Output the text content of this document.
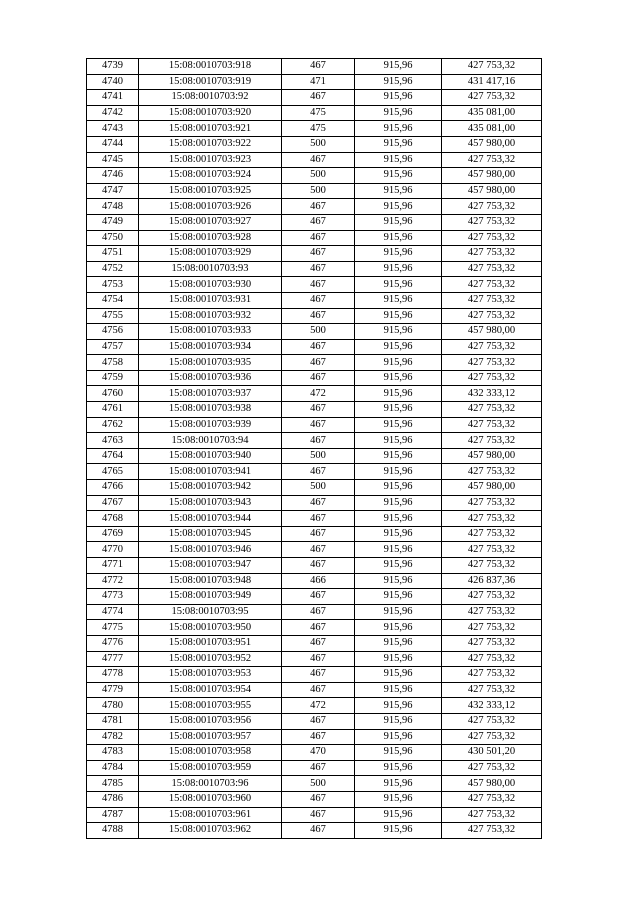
4739	15:08:0010703:918	467	915,96	427 753,32
4740	15:08:0010703:919	471	915,96	431 417,16
4741	15:08:0010703:92	467	915,96	427 753,32
4742	15:08:0010703:920	475	915,96	435 081,00
4743	15:08:0010703:921	475	915,96	435 081,00
4744	15:08:0010703:922	500	915,96	457 980,00
4745	15:08:0010703:923	467	915,96	427 753,32
4746	15:08:0010703:924	500	915,96	457 980,00
4747	15:08:0010703:925	500	915,96	457 980,00
4748	15:08:0010703:926	467	915,96	427 753,32
4749	15:08:0010703:927	467	915,96	427 753,32
4750	15:08:0010703:928	467	915,96	427 753,32
4751	15:08:0010703:929	467	915,96	427 753,32
4752	15:08:0010703:93	467	915,96	427 753,32
4753	15:08:0010703:930	467	915,96	427 753,32
4754	15:08:0010703:931	467	915,96	427 753,32
4755	15:08:0010703:932	467	915,96	427 753,32
4756	15:08:0010703:933	500	915,96	457 980,00
4757	15:08:0010703:934	467	915,96	427 753,32
4758	15:08:0010703:935	467	915,96	427 753,32
4759	15:08:0010703:936	467	915,96	427 753,32
4760	15:08:0010703:937	472	915,96	432 333,12
4761	15:08:0010703:938	467	915,96	427 753,32
4762	15:08:0010703:939	467	915,96	427 753,32
4763	15:08:0010703:94	467	915,96	427 753,32
4764	15:08:0010703:940	500	915,96	457 980,00
4765	15:08:0010703:941	467	915,96	427 753,32
4766	15:08:0010703:942	500	915,96	457 980,00
4767	15:08:0010703:943	467	915,96	427 753,32
4768	15:08:0010703:944	467	915,96	427 753,32
4769	15:08:0010703:945	467	915,96	427 753,32
4770	15:08:0010703:946	467	915,96	427 753,32
4771	15:08:0010703:947	467	915,96	427 753,32
4772	15:08:0010703:948	466	915,96	426 837,36
4773	15:08:0010703:949	467	915,96	427 753,32
4774	15:08:0010703:95	467	915,96	427 753,32
4775	15:08:0010703:950	467	915,96	427 753,32
4776	15:08:0010703:951	467	915,96	427 753,32
4777	15:08:0010703:952	467	915,96	427 753,32
4778	15:08:0010703:953	467	915,96	427 753,32
4779	15:08:0010703:954	467	915,96	427 753,32
4780	15:08:0010703:955	472	915,96	432 333,12
4781	15:08:0010703:956	467	915,96	427 753,32
4782	15:08:0010703:957	467	915,96	427 753,32
4783	15:08:0010703:958	470	915,96	430 501,20
4784	15:08:0010703:959	467	915,96	427 753,32
4785	15:08:0010703:96	500	915,96	457 980,00
4786	15:08:0010703:960	467	915,96	427 753,32
4787	15:08:0010703:961	467	915,96	427 753,32
4788	15:08:0010703:962	467	915,96	427 753,32
